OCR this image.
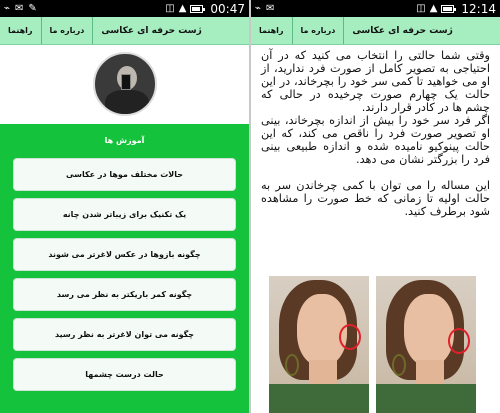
⌁ ✉ ✎	◫ ▲ 00:47
راهنما	درباره ما	ژست حرفه ای عکاسی
آموزش ها
حالات مختلف موها در عکاسی
یک تکنیک برای زیباتر شدن چانه
چگونه بازوها در عکس لاغرتر می شوند
چگونه کمر باریکتر به نظر می رسد
چگونه می توان لاغرتر به نظر رسید
حالت درست چشمها
⌁ ✉	◫ ▲ 12:14
راهنما	درباره ما	ژست حرفه ای عکاسی

وقتی شما حالتی را انتخاب می کنید که در آن احتیاجی به تصویر کامل از صورت فرد ندارید، از او می خواهید تا کمی سر خود را بچرخاند، در این حالت یک چهارم صورت چرخیده در حالی که چشم ها در کادر قرار دارند.

اگر فرد سر خود را بیش از اندازه بچرخاند، بینی او تصویر صورت فرد را ناقص می کند، که این حالت پینوکیو نامیده شده و اندازه طبیعی بینی فرد را بزرگتر نشان می دهد.

این مساله را می توان با کمی چرخاندن سر به حالت اولیه تا زمانی که خط صورت را مشاهده شود برطرف کنید.
